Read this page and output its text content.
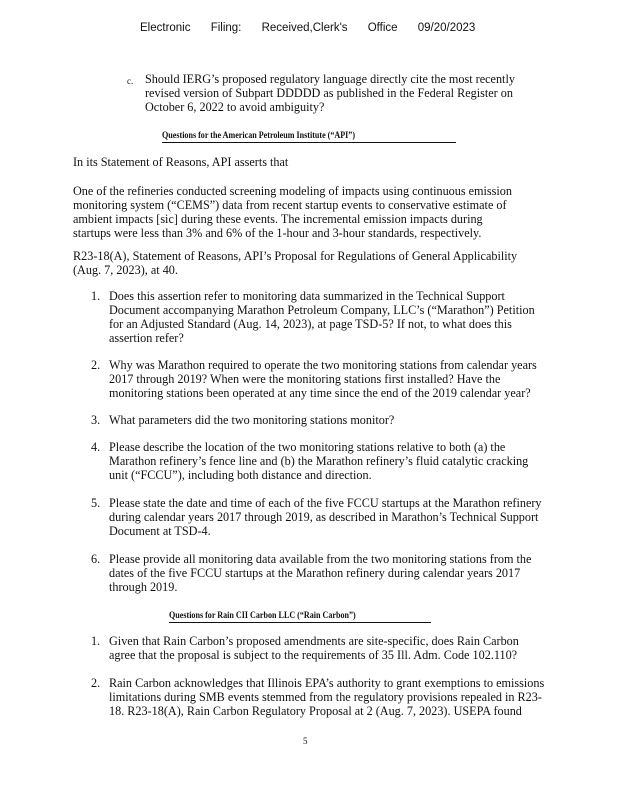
Electronic Filing: Received,Clerk's Office 09/20/2023
c. Should IERG’s proposed regulatory language directly cite the most recently
revised version of Subpart DDDDD as published in the Federal Register on
October 6, 2022 to avoid ambiguity?
Questions for the American Petroleum Institute (“API”)
In its Statement of Reasons, API asserts that
One of the refineries conducted screening modeling of impacts using continuous emission
monitoring system (“CEMS”) data from recent startup events to conservative estimate of
ambient impacts [sic] during these events. The incremental emission impacts during
startups were less than 3% and 6% of the 1-hour and 3-hour standards, respectively.
R23-18(A), Statement of Reasons, API’s Proposal for Regulations of General Applicability
(Aug. 7, 2023), at 40.
1. Does this assertion refer to monitoring data summarized in the Technical Support
Document accompanying Marathon Petroleum Company, LLC’s (“Marathon”) Petition
for an Adjusted Standard (Aug. 14, 2023), at page TSD-5? If not, to what does this
assertion refer?
2. Why was Marathon required to operate the two monitoring stations from calendar years
2017 through 2019? When were the monitoring stations first installed? Have the
monitoring stations been operated at any time since the end of the 2019 calendar year?
3. What parameters did the two monitoring stations monitor?
4. Please describe the location of the two monitoring stations relative to both (a) the
Marathon refinery’s fence line and (b) the Marathon refinery’s fluid catalytic cracking
unit (“FCCU”), including both distance and direction.
5. Please state the date and time of each of the five FCCU startups at the Marathon refinery
during calendar years 2017 through 2019, as described in Marathon’s Technical Support
Document at TSD-4.
6. Please provide all monitoring data available from the two monitoring stations from the
dates of the five FCCU startups at the Marathon refinery during calendar years 2017
through 2019.
Questions for Rain CII Carbon LLC (“Rain Carbon”)
1. Given that Rain Carbon’s proposed amendments are site-specific, does Rain Carbon
agree that the proposal is subject to the requirements of 35 Ill. Adm. Code 102.110?
2. Rain Carbon acknowledges that Illinois EPA’s authority to grant exemptions to emissions
limitations during SMB events stemmed from the regulatory provisions repealed in R23-
18. R23-18(A), Rain Carbon Regulatory Proposal at 2 (Aug. 7, 2023). USEPA found
5
